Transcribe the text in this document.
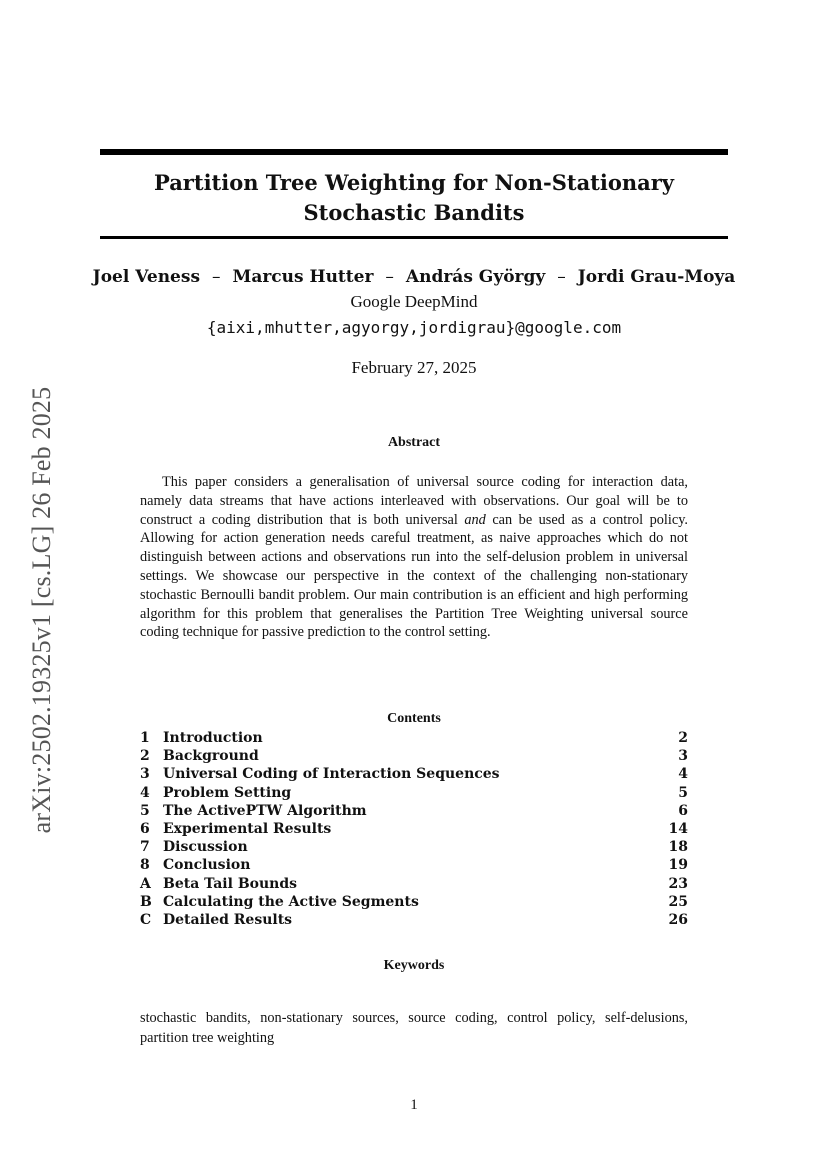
arXiv:2502.19325v1 [cs.LG] 26 Feb 2025
Partition Tree Weighting for Non-Stationary
Stochastic Bandits
Joel Veness – Marcus Hutter – András György – Jordi Grau-Moya
Google DeepMind
{aixi,mhutter,agyorgy,jordigrau}@google.com
February 27, 2025
Abstract
This paper considers a generalisation of universal source coding for interaction data, namely data streams that have actions interleaved with observations. Our goal will be to construct a coding distribution that is both universal and can be used as a control policy. Allowing for action generation needs careful treatment, as naive approaches which do not distinguish between actions and observations run into the self-delusion problem in universal settings. We showcase our perspective in the context of the challenging non-stationary stochastic Bernoulli bandit problem. Our main contribution is an efficient and high performing algorithm for this problem that generalises the Partition Tree Weighting universal source coding technique for passive prediction to the control setting.
Contents
1 Introduction	2
2 Background	3
3 Universal Coding of Interaction Sequences	4
4 Problem Setting	5
5 The ActivePTW Algorithm	6
6 Experimental Results	14
7 Discussion	18
8 Conclusion	19
A Beta Tail Bounds	23
B Calculating the Active Segments	25
C Detailed Results	26
Keywords
stochastic bandits, non-stationary sources, source coding, control policy, self-delusions, partition tree weighting
1
